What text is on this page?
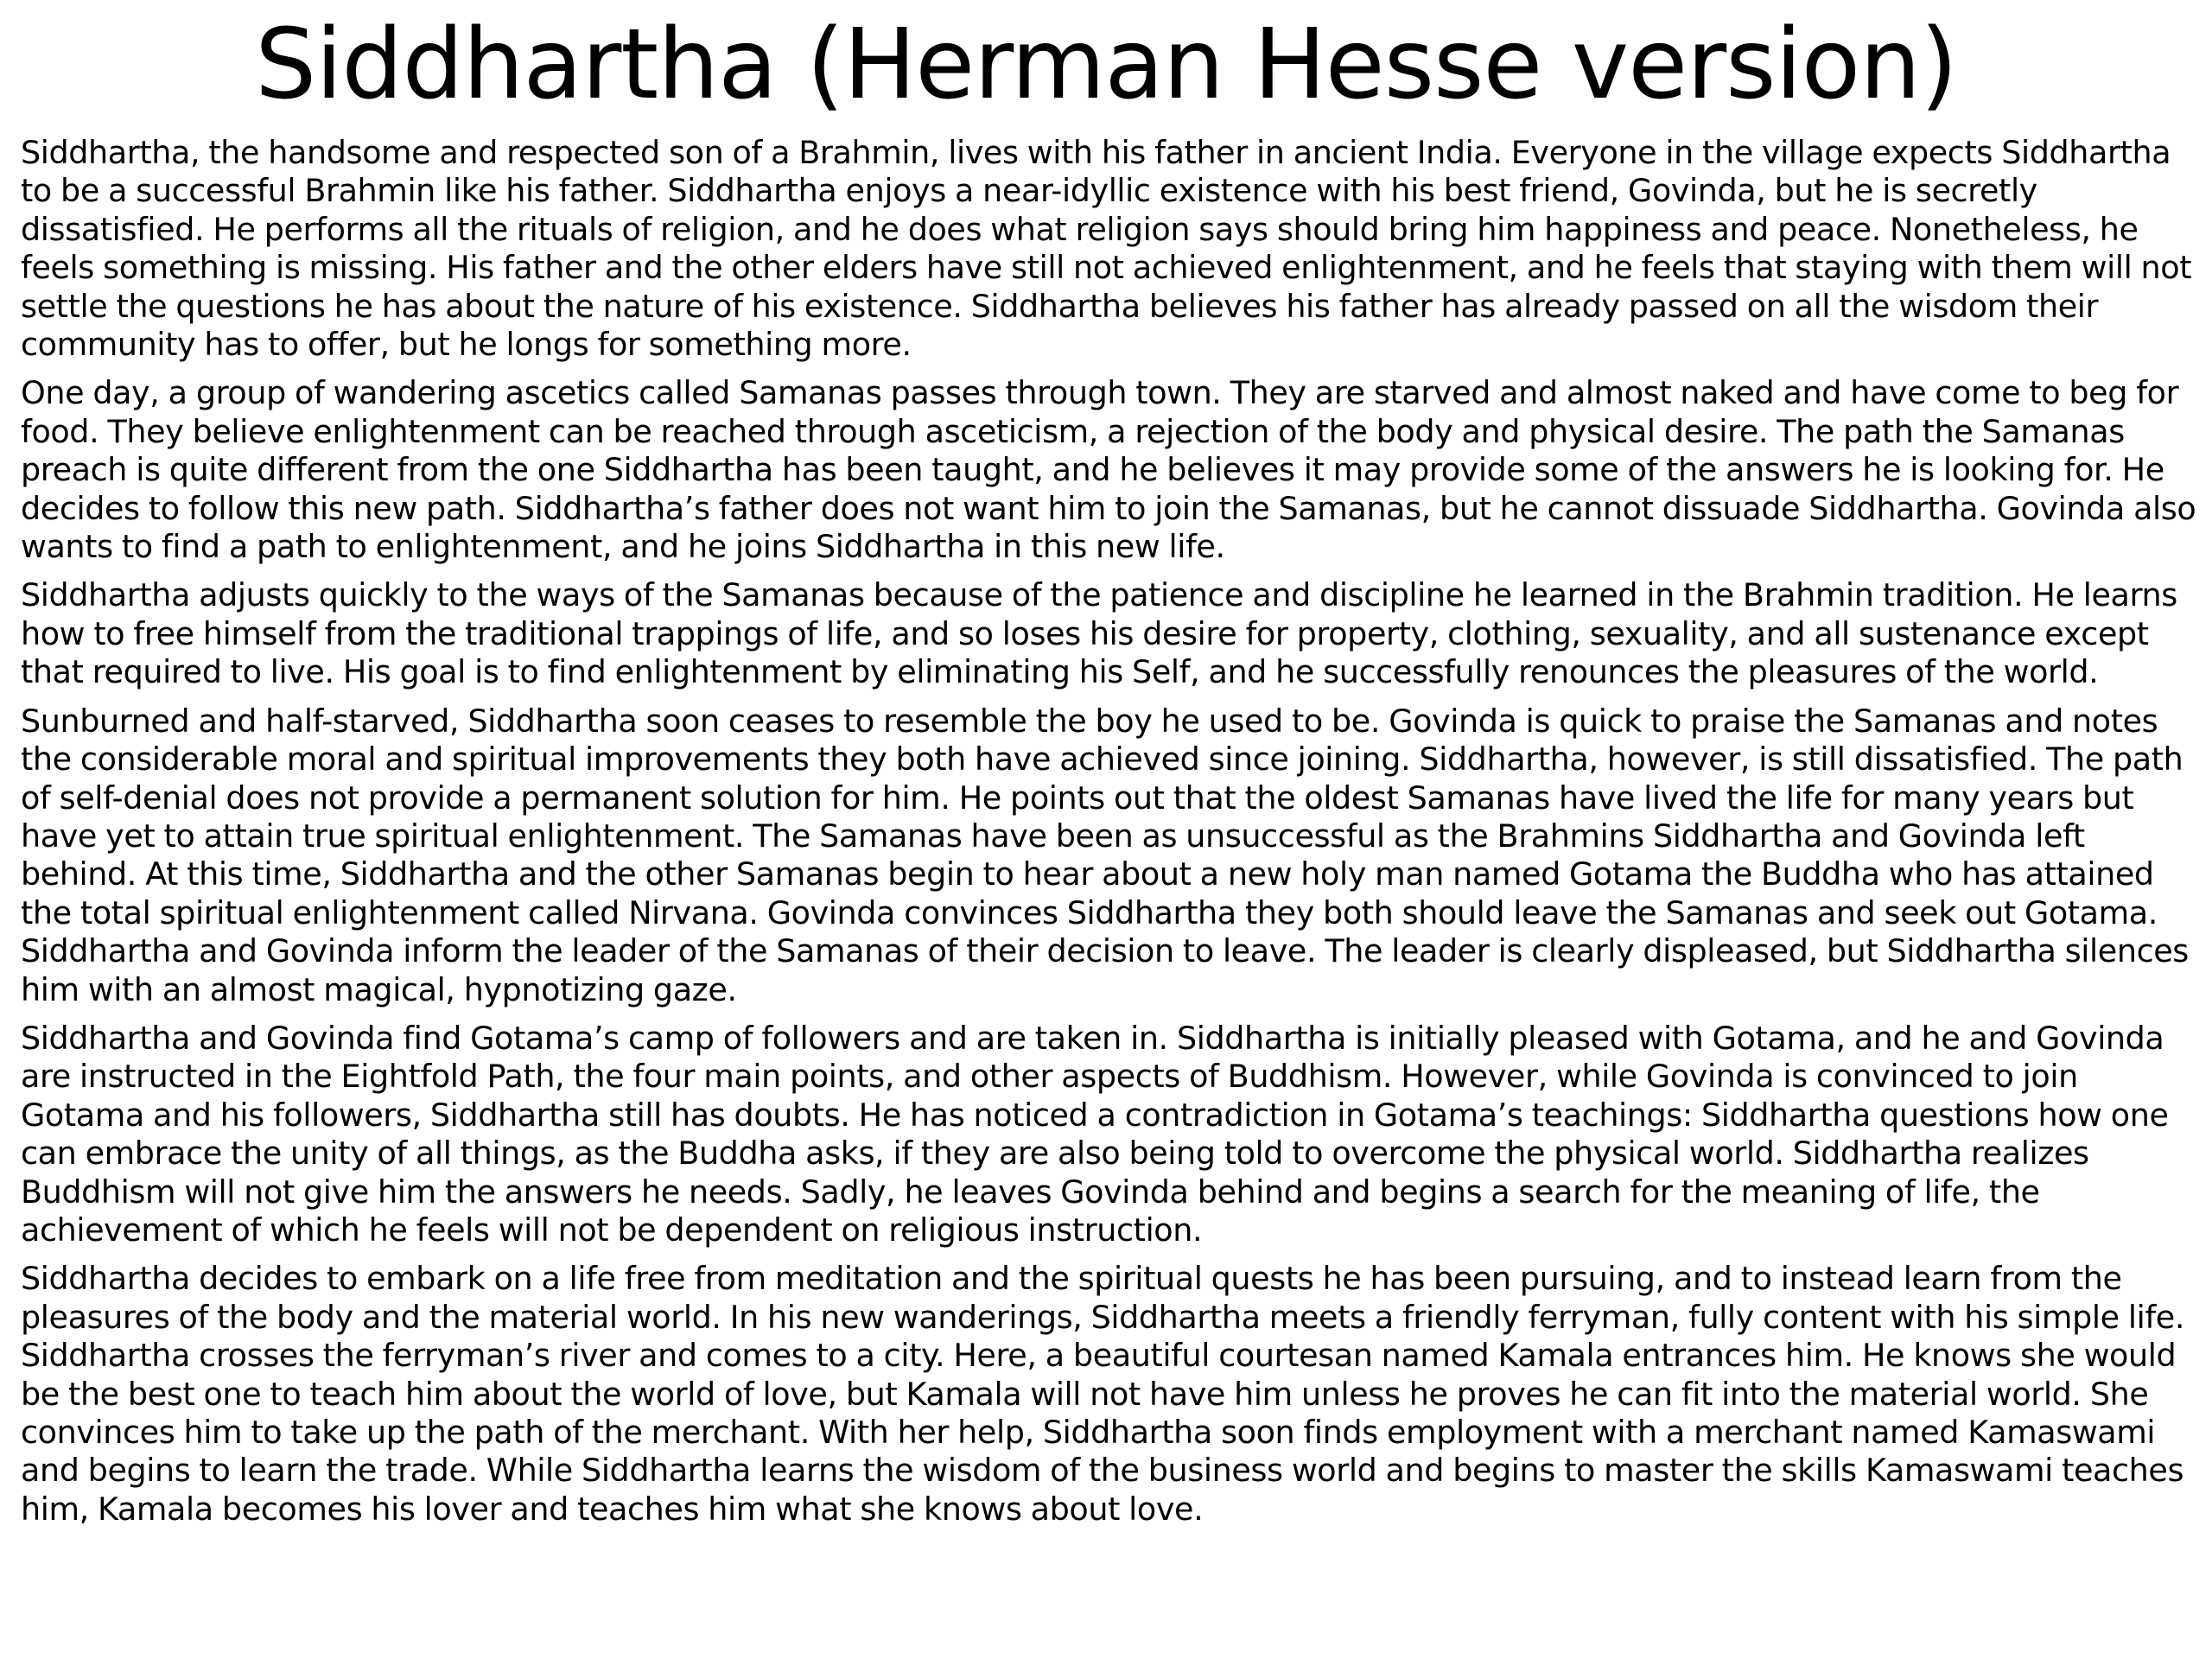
Siddhartha (Herman Hesse version)

Siddhartha, the handsome and respected son of a Brahmin, lives with his father in ancient India. Everyone in the village expects Siddhartha to be a successful Brahmin like his father. Siddhartha enjoys a near-idyllic existence with his best friend, Govinda, but he is secretly dissatisfied. He performs all the rituals of religion, and he does what religion says should bring him happiness and peace. Nonetheless, he feels something is missing. His father and the other elders have still not achieved enlightenment, and he feels that staying with them will not settle the questions he has about the nature of his existence. Siddhartha believes his father has already passed on all the wisdom their community has to offer, but he longs for something more.

One day, a group of wandering ascetics called Samanas passes through town. They are starved and almost naked and have come to beg for food. They believe enlightenment can be reached through asceticism, a rejection of the body and physical desire. The path the Samanas preach is quite different from the one Siddhartha has been taught, and he believes it may provide some of the answers he is looking for. He decides to follow this new path. Siddhartha’s father does not want him to join the Samanas, but he cannot dissuade Siddhartha. Govinda also wants to find a path to enlightenment, and he joins Siddhartha in this new life.

Siddhartha adjusts quickly to the ways of the Samanas because of the patience and discipline he learned in the Brahmin tradition. He learns how to free himself from the traditional trappings of life, and so loses his desire for property, clothing, sexuality, and all sustenance except that required to live. His goal is to find enlightenment by eliminating his Self, and he successfully renounces the pleasures of the world.

Sunburned and half-starved, Siddhartha soon ceases to resemble the boy he used to be. Govinda is quick to praise the Samanas and notes the considerable moral and spiritual improvements they both have achieved since joining. Siddhartha, however, is still dissatisfied. The path of self-denial does not provide a permanent solution for him. He points out that the oldest Samanas have lived the life for many years but have yet to attain true spiritual enlightenment. The Samanas have been as unsuccessful as the Brahmins Siddhartha and Govinda left behind. At this time, Siddhartha and the other Samanas begin to hear about a new holy man named Gotama the Buddha who has attained the total spiritual enlightenment called Nirvana. Govinda convinces Siddhartha they both should leave the Samanas and seek out Gotama. Siddhartha and Govinda inform the leader of the Samanas of their decision to leave. The leader is clearly displeased, but Siddhartha silences him with an almost magical, hypnotizing gaze.

Siddhartha and Govinda find Gotama’s camp of followers and are taken in. Siddhartha is initially pleased with Gotama, and he and Govinda are instructed in the Eightfold Path, the four main points, and other aspects of Buddhism. However, while Govinda is convinced to join Gotama and his followers, Siddhartha still has doubts. He has noticed a contradiction in Gotama’s teachings: Siddhartha questions how one can embrace the unity of all things, as the Buddha asks, if they are also being told to overcome the physical world. Siddhartha realizes Buddhism will not give him the answers he needs. Sadly, he leaves Govinda behind and begins a search for the meaning of life, the achievement of which he feels will not be dependent on religious instruction.

Siddhartha decides to embark on a life free from meditation and the spiritual quests he has been pursuing, and to instead learn from the pleasures of the body and the material world. In his new wanderings, Siddhartha meets a friendly ferryman, fully content with his simple life. Siddhartha crosses the ferryman’s river and comes to a city. Here, a beautiful courtesan named Kamala entrances him. He knows she would be the best one to teach him about the world of love, but Kamala will not have him unless he proves he can fit into the material world. She convinces him to take up the path of the merchant. With her help, Siddhartha soon finds employment with a merchant named Kamaswami and begins to learn the trade. While Siddhartha learns the wisdom of the business world and begins to master the skills Kamaswami teaches him, Kamala becomes his lover and teaches him what she knows about love.
